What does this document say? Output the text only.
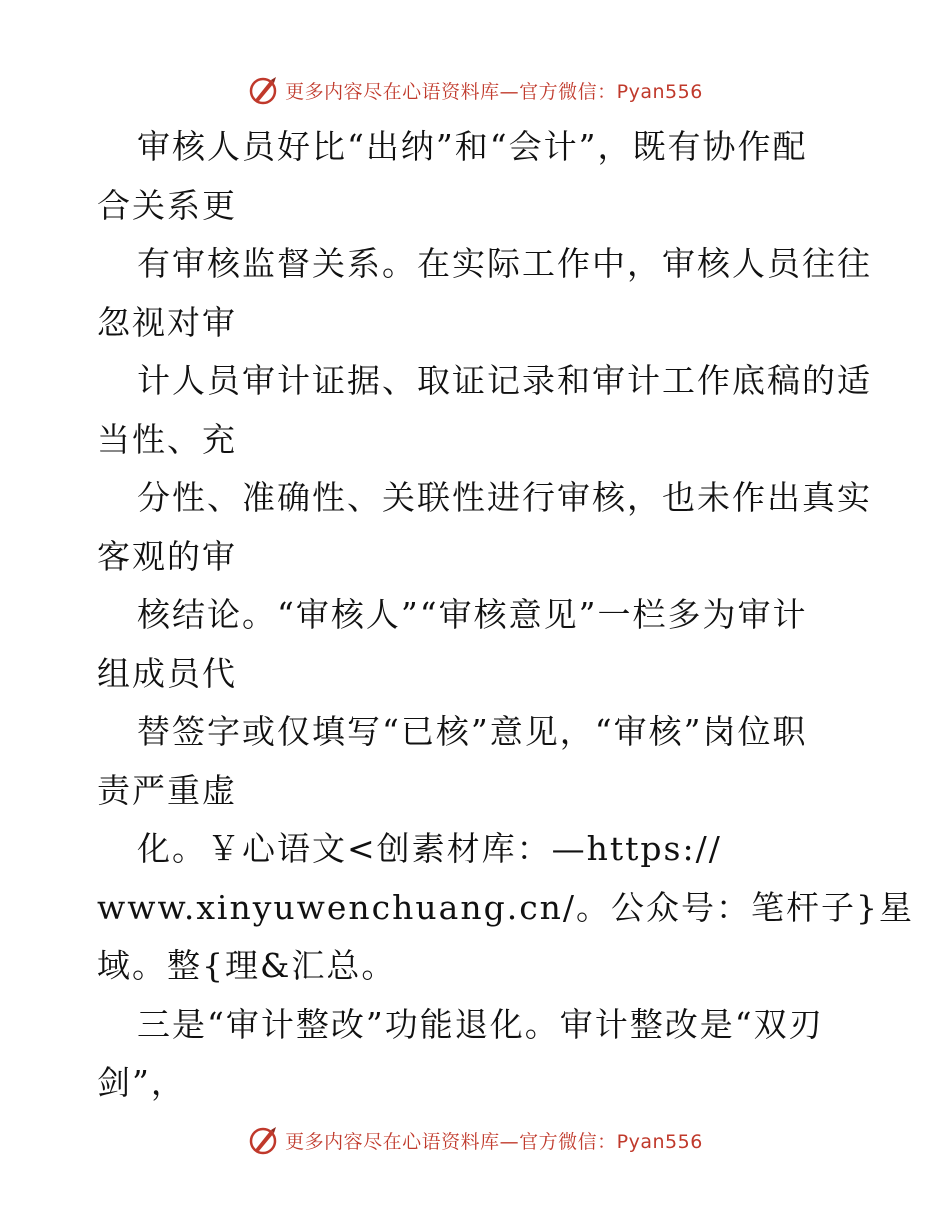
更多内容尽在心语资料库—官方微信：Pyan556
审核人员好比“出纳”和“会计”，既有协作配
合关系更
有审核监督关系。在实际工作中，审核人员往往
忽视对审
计人员审计证据、取证记录和审计工作底稿的适
当性、充
分性、准确性、关联性进行审核，也未作出真实
客观的审
核结论。“审核人”“审核意见”一栏多为审计
组成员代
替签字或仅填写“已核”意见，“审核”岗位职
责严重虚
化。￥心语文<创素材库：—https://
www.xinyuwenchuang.cn/。公众号：笔杆子}星
域。整{理&汇总。
三是“审计整改”功能退化。审计整改是“双刃
剑”，
更多内容尽在心语资料库—官方微信：Pyan556
